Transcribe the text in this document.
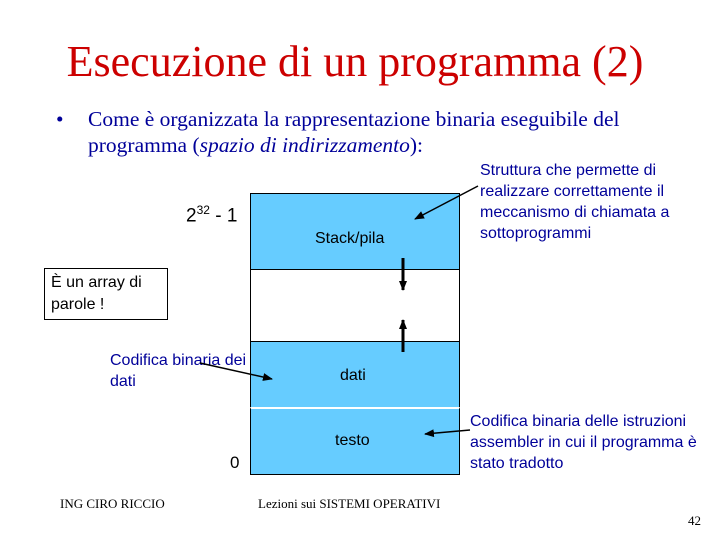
Esecuzione di un programma (2)
• Come è organizzata la rappresentazione binaria eseguibile del programma (spazio di indirizzamento):
Struttura che permette di realizzare correttamente il meccanismo di chiamata a sottoprogrammi
Stack/pila
dati
testo
$2^{32} - 1$
0
È un array di parole !
Codifica binaria dei dati
Codifica binaria delle istruzioni assembler in cui il programma è stato tradotto
ING CIRO RICCIO	Lezioni sui SISTEMI OPERATIVI
42
